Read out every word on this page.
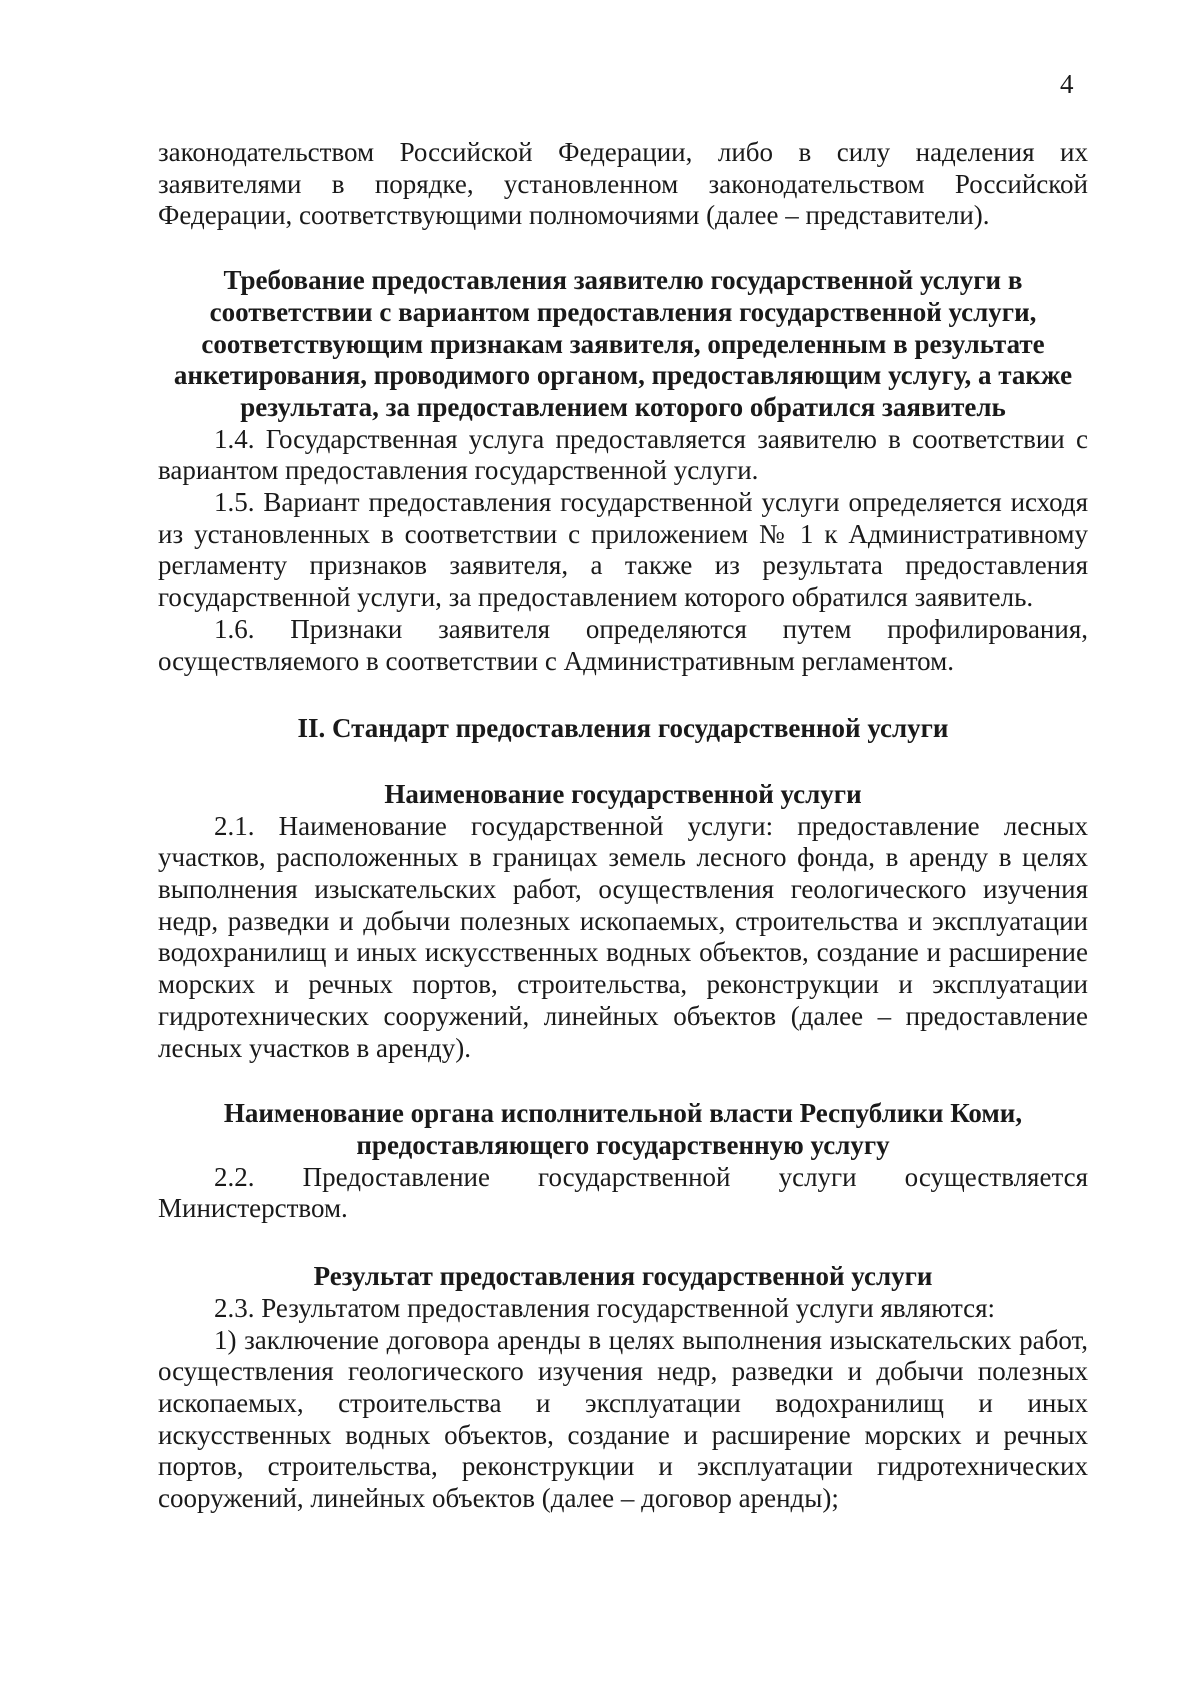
4

законодательством Российской Федерации, либо в силу наделения их заявителями в порядке, установленном законодательством Российской Федерации, соответствующими полномочиями (далее – представители).

Требование предоставления заявителю государственной услуги в соответствии с вариантом предоставления государственной услуги, соответствующим признакам заявителя, определенным в результате анкетирования, проводимого органом, предоставляющим услугу, а также результата, за предоставлением которого обратился заявитель

1.4. Государственная услуга предоставляется заявителю в соответствии с вариантом предоставления государственной услуги.

1.5. Вариант предоставления государственной услуги определяется исходя из установленных в соответствии с приложением № 1 к Административному регламенту признаков заявителя, а также из результата предоставления государственной услуги, за предоставлением которого обратился заявитель.

1.6. Признаки заявителя определяются путем профилирования, осуществляемого в соответствии с Административным регламентом.

II. Стандарт предоставления государственной услуги
Наименование государственной услуги

2.1. Наименование государственной услуги: предоставление лесных участков, расположенных в границах земель лесного фонда, в аренду в целях выполнения изыскательских работ, осуществления геологического изучения недр, разведки и добычи полезных ископаемых, строительства и эксплуатации водохранилищ и иных искусственных водных объектов, создание и расширение морских и речных портов, строительства, реконструкции и эксплуатации гидротехнических сооружений, линейных объектов (далее – предоставление лесных участков в аренду).

Наименование органа исполнительной власти Республики Коми, предоставляющего государственную услугу

2.2. Предоставление государственной услуги осуществляется Министерством.

Результат предоставления государственной услуги

2.3. Результатом предоставления государственной услуги являются:

1) заключение договора аренды в целях выполнения изыскательских работ, осуществления геологического изучения недр, разведки и добычи полезных ископаемых, строительства и эксплуатации водохранилищ и иных искусственных водных объектов, создание и расширение морских и речных портов, строительства, реконструкции и эксплуатации гидротехнических сооружений, линейных объектов (далее – договор аренды);
